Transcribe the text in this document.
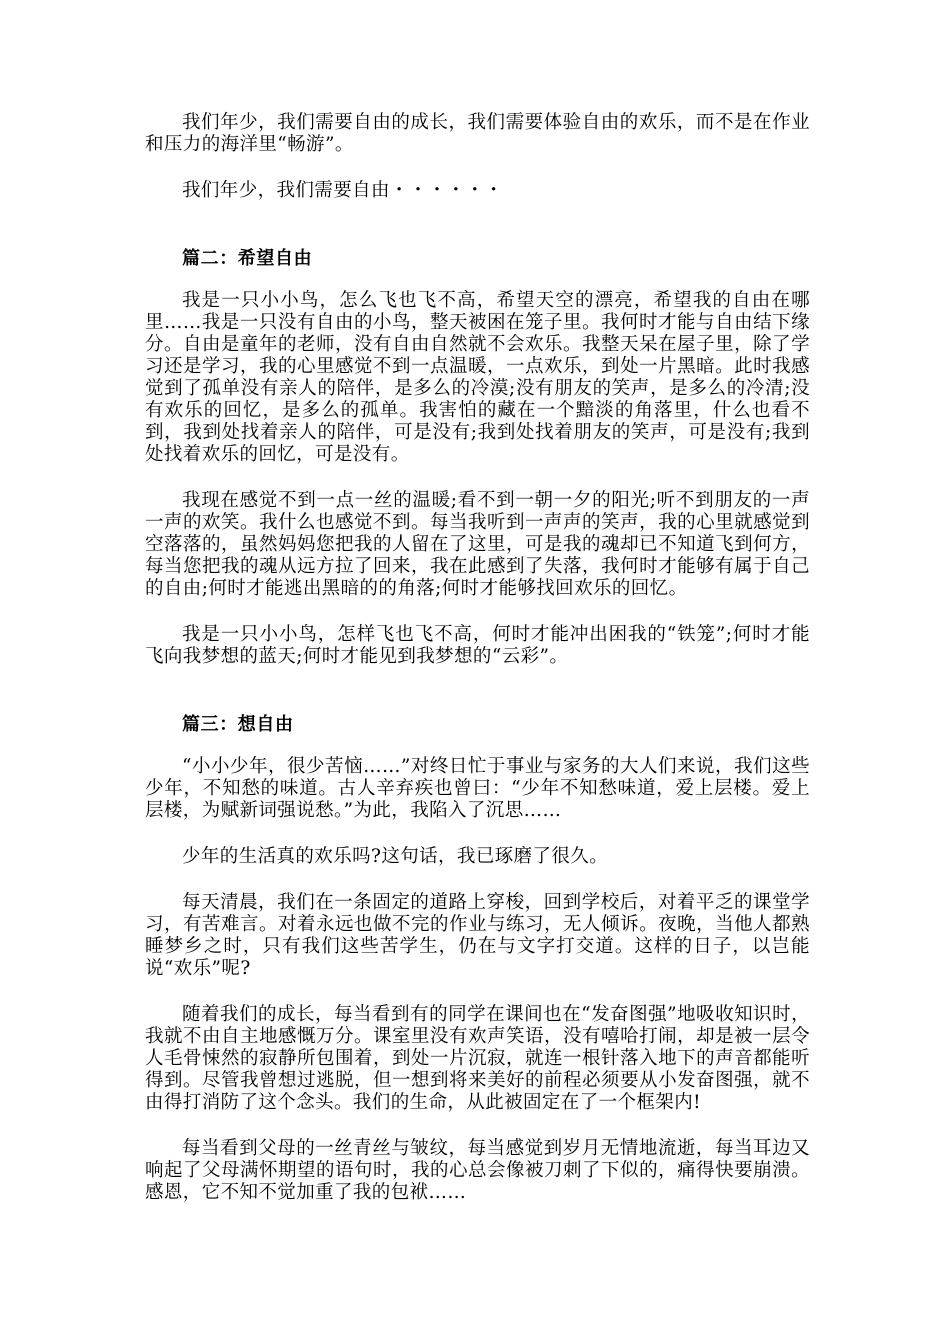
我们年少，我们需要自由的成长，我们需要体验自由的欢乐，而不是在作业和压力的海洋里“畅游”。

我们年少，我们需要自由・・・・・・

篇二：希望自由

我是一只小小鸟，怎么飞也飞不高，希望天空的漂亮，希望我的自由在哪里……我是一只没有自由的小鸟，整天被困在笼子里。我何时才能与自由结下缘分。自由是童年的老师，没有自由自然就不会欢乐。我整天呆在屋子里，除了学习还是学习，我的心里感觉不到一点温暖，一点欢乐，到处一片黑暗。此时我感觉到了孤单没有亲人的陪伴，是多么的冷漠;没有朋友的笑声，是多么的冷清;没有欢乐的回忆，是多么的孤单。我害怕的藏在一个黯淡的角落里，什么也看不到，我到处找着亲人的陪伴，可是没有;我到处找着朋友的笑声，可是没有;我到处找着欢乐的回忆，可是没有。

我现在感觉不到一点一丝的温暖;看不到一朝一夕的阳光;听不到朋友的一声一声的欢笑。我什么也感觉不到。每当我听到一声声的笑声，我的心里就感觉到空落落的，虽然妈妈您把我的人留在了这里，可是我的魂却已不知道飞到何方，每当您把我的魂从远方拉了回来，我在此感到了失落，我何时才能够有属于自己的自由;何时才能逃出黑暗的的角落;何时才能够找回欢乐的回忆。

我是一只小小鸟，怎样飞也飞不高，何时才能冲出困我的“铁笼”;何时才能飞向我梦想的蓝天;何时才能见到我梦想的“云彩”。

篇三：想自由

“小小少年，很少苦恼……”对终日忙于事业与家务的大人们来说，我们这些少年，不知愁的味道。古人辛弃疾也曾曰：“少年不知愁味道，爱上层楼。爱上层楼，为赋新词强说愁。”为此，我陷入了沉思……

少年的生活真的欢乐吗?这句话，我已琢磨了很久。

每天清晨，我们在一条固定的道路上穿梭，回到学校后，对着平乏的课堂学习，有苦难言。对着永远也做不完的作业与练习，无人倾诉。夜晚，当他人都熟睡梦乡之时，只有我们这些苦学生，仍在与文字打交道。这样的日子，以岂能说“欢乐”呢?

随着我们的成长，每当看到有的同学在课间也在“发奋图强”地吸收知识时，我就不由自主地感慨万分。课室里没有欢声笑语，没有嘻哈打闹，却是被一层令人毛骨悚然的寂静所包围着，到处一片沉寂，就连一根针落入地下的声音都能听得到。尽管我曾想过逃脱，但一想到将来美好的前程必须要从小发奋图强，就不由得打消防了这个念头。我们的生命，从此被固定在了一个框架内!

每当看到父母的一丝青丝与皱纹，每当感觉到岁月无情地流逝，每当耳边又响起了父母满怀期望的语句时，我的心总会像被刀刺了下似的，痛得快要崩溃。感恩，它不知不觉加重了我的包袱……
